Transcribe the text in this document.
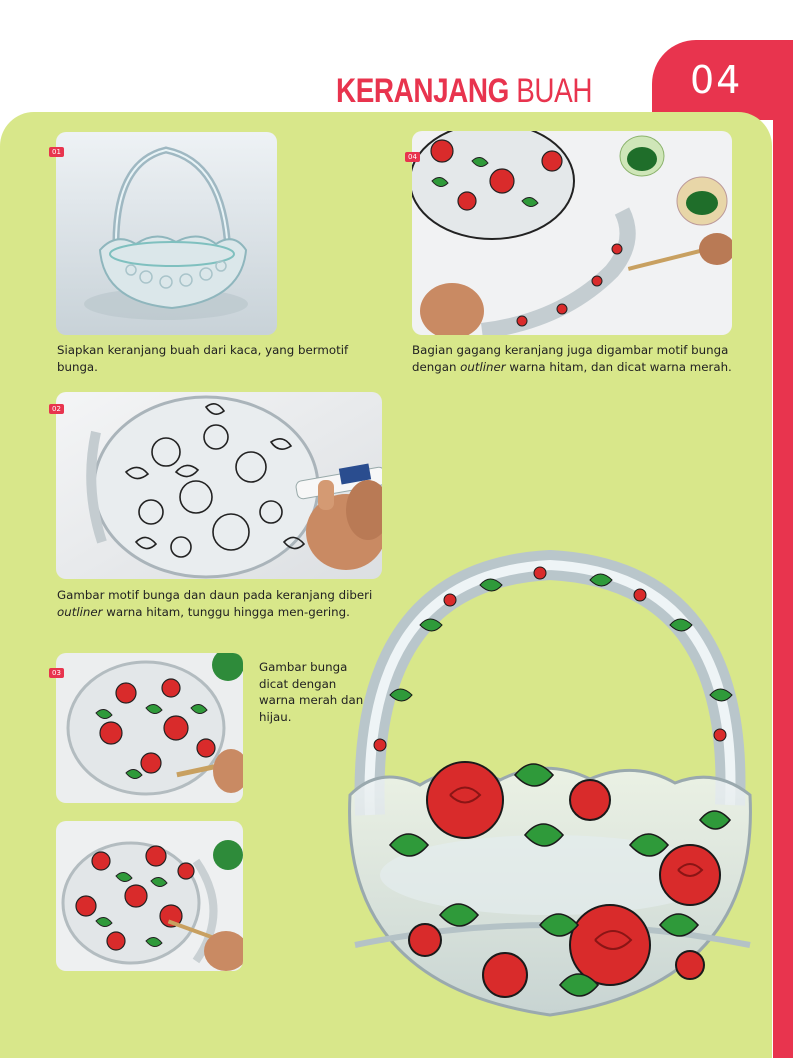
04
KERANJANG BUAH
01

Siapkan keranjang buah dari kaca, yang bermotif bunga.

02

Gambar motif bunga dan daun pada keranjang diberi outliner warna hitam, tunggu hingga men-gering.

03	Gambar bunga dicat dengan warna merah dan hijau.

04

Bagian gagang keranjang juga digambar motif bunga dengan outliner warna hitam, dan dicat warna merah.
